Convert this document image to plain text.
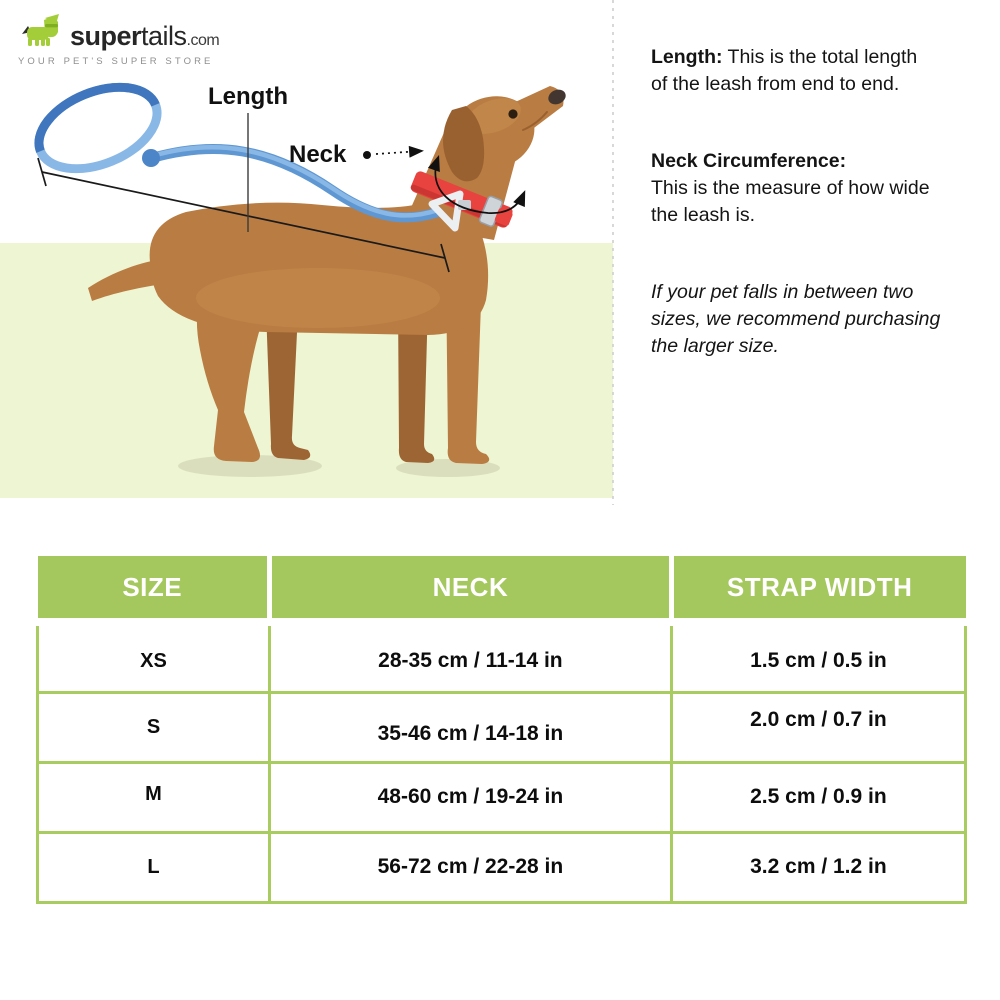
supertails.com
YOUR PET'S SUPER STORE
Length
Neck
Length: This is the total length
of the leash from end to end.
Neck Circumference:
This is the measure of how wide
the leash is.
If your pet falls in between two
sizes, we recommend purchasing
the larger size.
SIZE	NECK	STRAP WIDTH
XS	28-35 cm / 11-14 in	1.5 cm / 0.5 in
S	35-46 cm / 14-18 in	2.0 cm / 0.7 in
M	48-60 cm / 19-24 in	2.5 cm / 0.9 in
L	56-72 cm / 22-28 in	3.2 cm / 1.2 in
